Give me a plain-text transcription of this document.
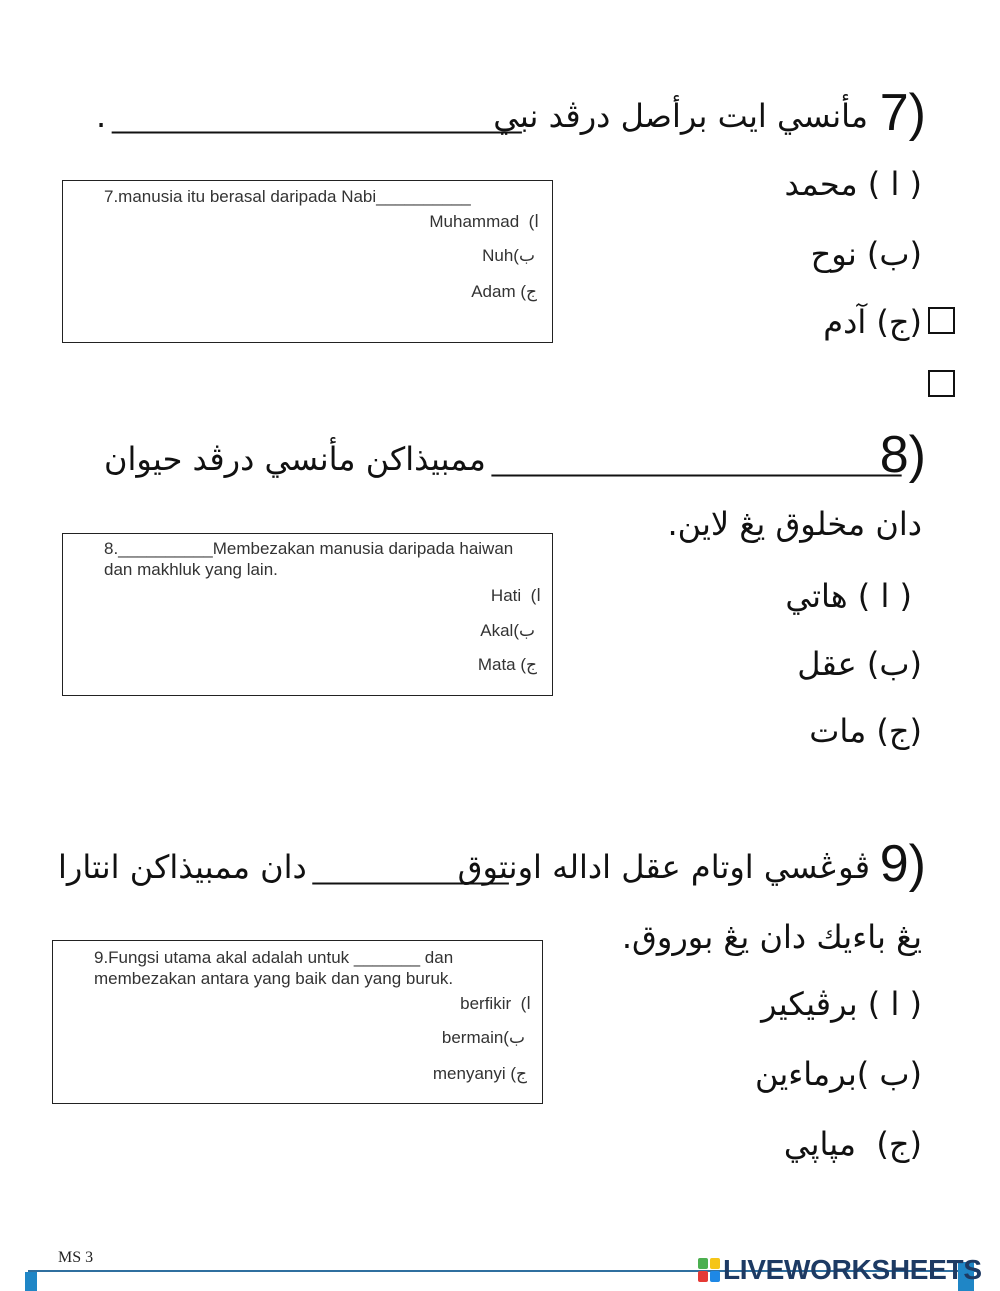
7)
مأنسي ايت برأصل درڤد نبي
_______________________
.
7.manusia itu berasal daripada Nabi__________
Muhammad  (ا
Nuh(ب
Adam (ج
( ا ) محمد
(ب) نوح
(ج) آدم
8)
_______________________
ممبيذاكن مأنسي درڤد حيوان
دان مخلوق يڠ لاين.
8.__________Membezakan manusia daripada haiwan
dan makhluk yang lain.
Hati  (ا
Akal(ب
Mata (ج
( ا ) هاتي
(ب) عقل
(ج) مات
9)
ڤوڠسي اوتام عقل اداله اونتوق
___________
دان ممبيذاكن انتارا
يڠ باءيك دان يڠ بوروق.
9.Fungsi utama akal adalah untuk _______ dan
membezakan antara yang baik dan yang buruk.
berfikir  (ا
bermain(ب
menyanyi (ج
( ا ) برڤيكير
(ب )برماءين
(ج)  مپاپي
MS 3	LIVEWORKSHEETS
